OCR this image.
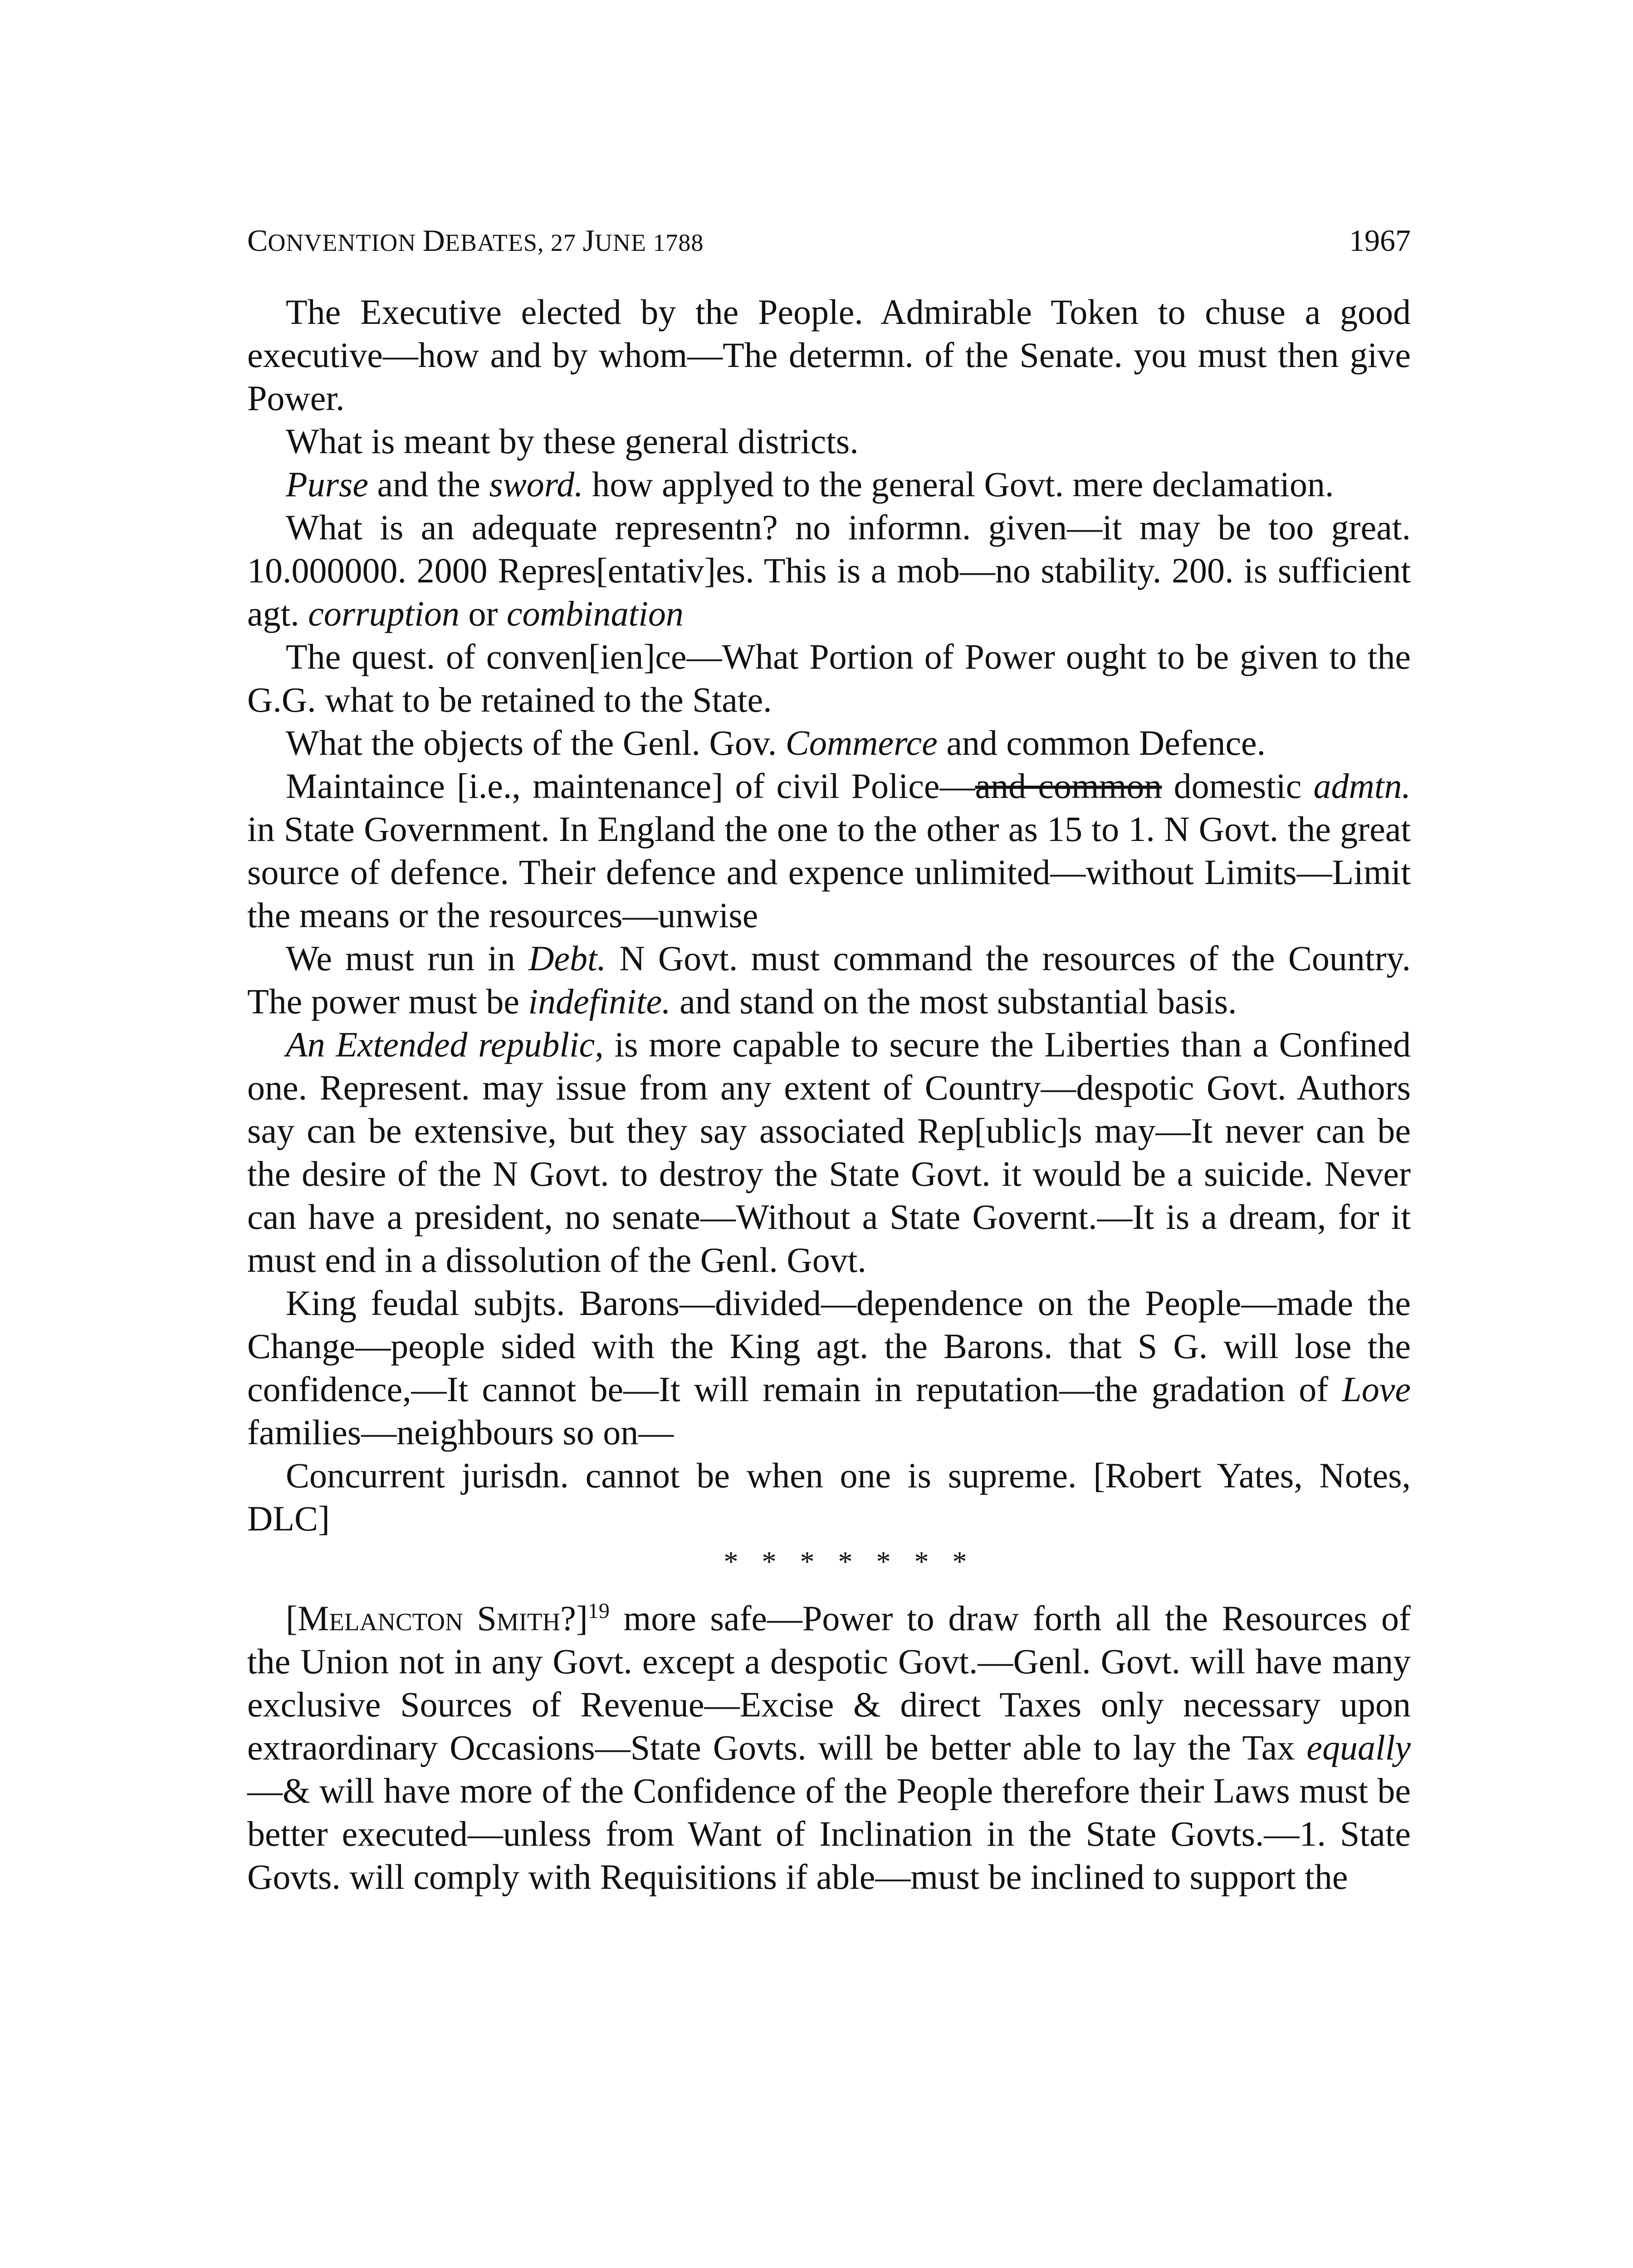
CONVENTION DEBATES, 27 JUNE 1788	1967

The Executive elected by the People. Admirable Token to chuse a good executive—how and by whom—The determn. of the Senate. you must then give Power.

What is meant by these general districts.

Purse and the sword. how applyed to the general Govt. mere declamation.

What is an adequate representn? no informn. given—it may be too great. 10.000000. 2000 Repres[entativ]es. This is a mob—no stability. 200. is sufficient agt. corruption or combination

The quest. of conven[ien]ce—What Portion of Power ought to be given to the G.G. what to be retained to the State.

What the objects of the Genl. Gov. Commerce and common Defence.

Maintaince [i.e., maintenance] of civil Police—and common domestic admtn. in State Government. In England the one to the other as 15 to 1. N Govt. the great source of defence. Their defence and expence unlimited—without Limits—Limit the means or the resources—unwise

We must run in Debt. N Govt. must command the resources of the Country. The power must be indefinite. and stand on the most substantial basis.

An Extended republic, is more capable to secure the Liberties than a Confined one. Represent. may issue from any extent of Country—despotic Govt. Authors say can be extensive, but they say associated Rep[ublic]s may—It never can be the desire of the N Govt. to destroy the State Govt. it would be a suicide. Never can have a president, no senate—Without a State Governt.—It is a dream, for it must end in a dissolution of the Genl. Govt.

King feudal subjts. Barons—divided—dependence on the People—made the Change—people sided with the King agt. the Barons. that S G. will lose the confidence,—It cannot be—It will remain in reputation—the gradation of Love families—neighbours so on—

Concurrent jurisdn. cannot be when one is supreme. [Robert Yates, Notes, DLC]

* * * * * * *

[Melancton Smith?]$^{19}$ more safe—Power to draw forth all the Resources of the Union not in any Govt. except a despotic Govt.—Genl. Govt. will have many exclusive Sources of Revenue—Excise & direct Taxes only necessary upon extraordinary Occasions—State Govts. will be better able to lay the Tax equally—& will have more of the Confidence of the People therefore their Laws must be better executed—unless from Want of Inclination in the State Govts.—1. State Govts. will comply with Requisitions if able—must be inclined to support the
